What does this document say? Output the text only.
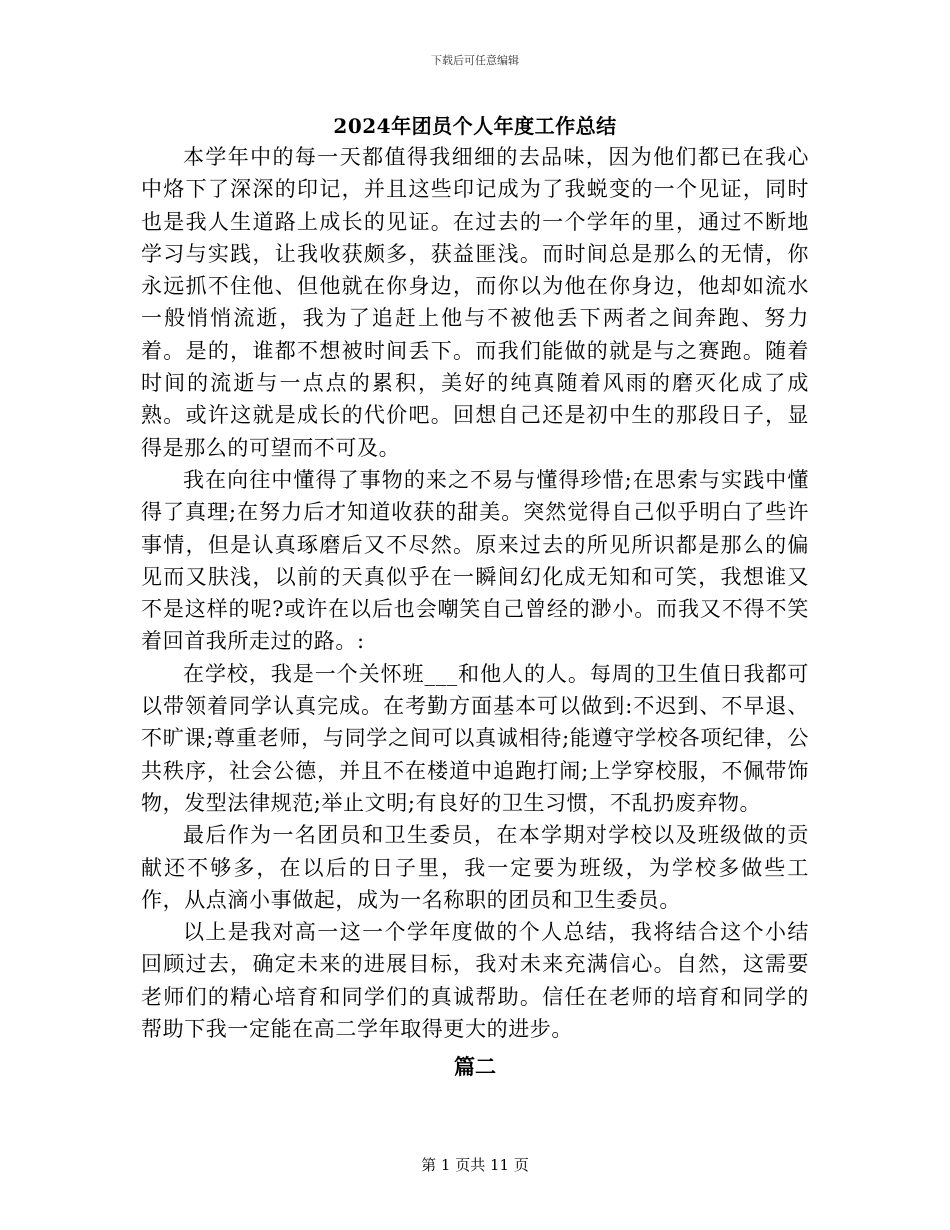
下载后可任意编辑
2024年团员个人年度工作总结

本学年中的每一天都值得我细细的去品味，因为他们都已在我心中烙下了深深的印记，并且这些印记成为了我蜕变的一个见证，同时也是我人生道路上成长的见证。在过去的一个学年的里，通过不断地学习与实践，让我收获颇多，获益匪浅。而时间总是那么的无情，你永远抓不住他、但他就在你身边，而你以为他在你身边，他却如流水一般悄悄流逝，我为了追赶上他与不被他丢下两者之间奔跑、努力着。是的，谁都不想被时间丢下。而我们能做的就是与之赛跑。随着时间的流逝与一点点的累积，美好的纯真随着风雨的磨灭化成了成熟。或许这就是成长的代价吧。回想自己还是初中生的那段日子，显得是那么的可望而不可及。

我在向往中懂得了事物的来之不易与懂得珍惜;在思索与实践中懂得了真理;在努力后才知道收获的甜美。突然觉得自己似乎明白了些许事情，但是认真琢磨后又不尽然。原来过去的所见所识都是那么的偏见而又肤浅，以前的天真似乎在一瞬间幻化成无知和可笑，我想谁又不是这样的呢?或许在以后也会嘲笑自己曾经的渺小。而我又不得不笑着回首我所走过的路。:

在学校，我是一个关怀班___和他人的人。每周的卫生值日我都可以带领着同学认真完成。在考勤方面基本可以做到:不迟到、不早退、不旷课;尊重老师，与同学之间可以真诚相待;能遵守学校各项纪律，公共秩序，社会公德，并且不在楼道中追跑打闹;上学穿校服，不佩带饰物，发型法律规范;举止文明;有良好的卫生习惯，不乱扔废弃物。

最后作为一名团员和卫生委员，在本学期对学校以及班级做的贡献还不够多，在以后的日子里，我一定要为班级，为学校多做些工作，从点滴小事做起，成为一名称职的团员和卫生委员。

以上是我对高一这一个学年度做的个人总结，我将结合这个小结回顾过去，确定未来的进展目标，我对未来充满信心。自然，这需要老师们的精心培育和同学们的真诚帮助。信任在老师的培育和同学的帮助下我一定能在高二学年取得更大的进步。

篇二
第 1 页共 11 页
